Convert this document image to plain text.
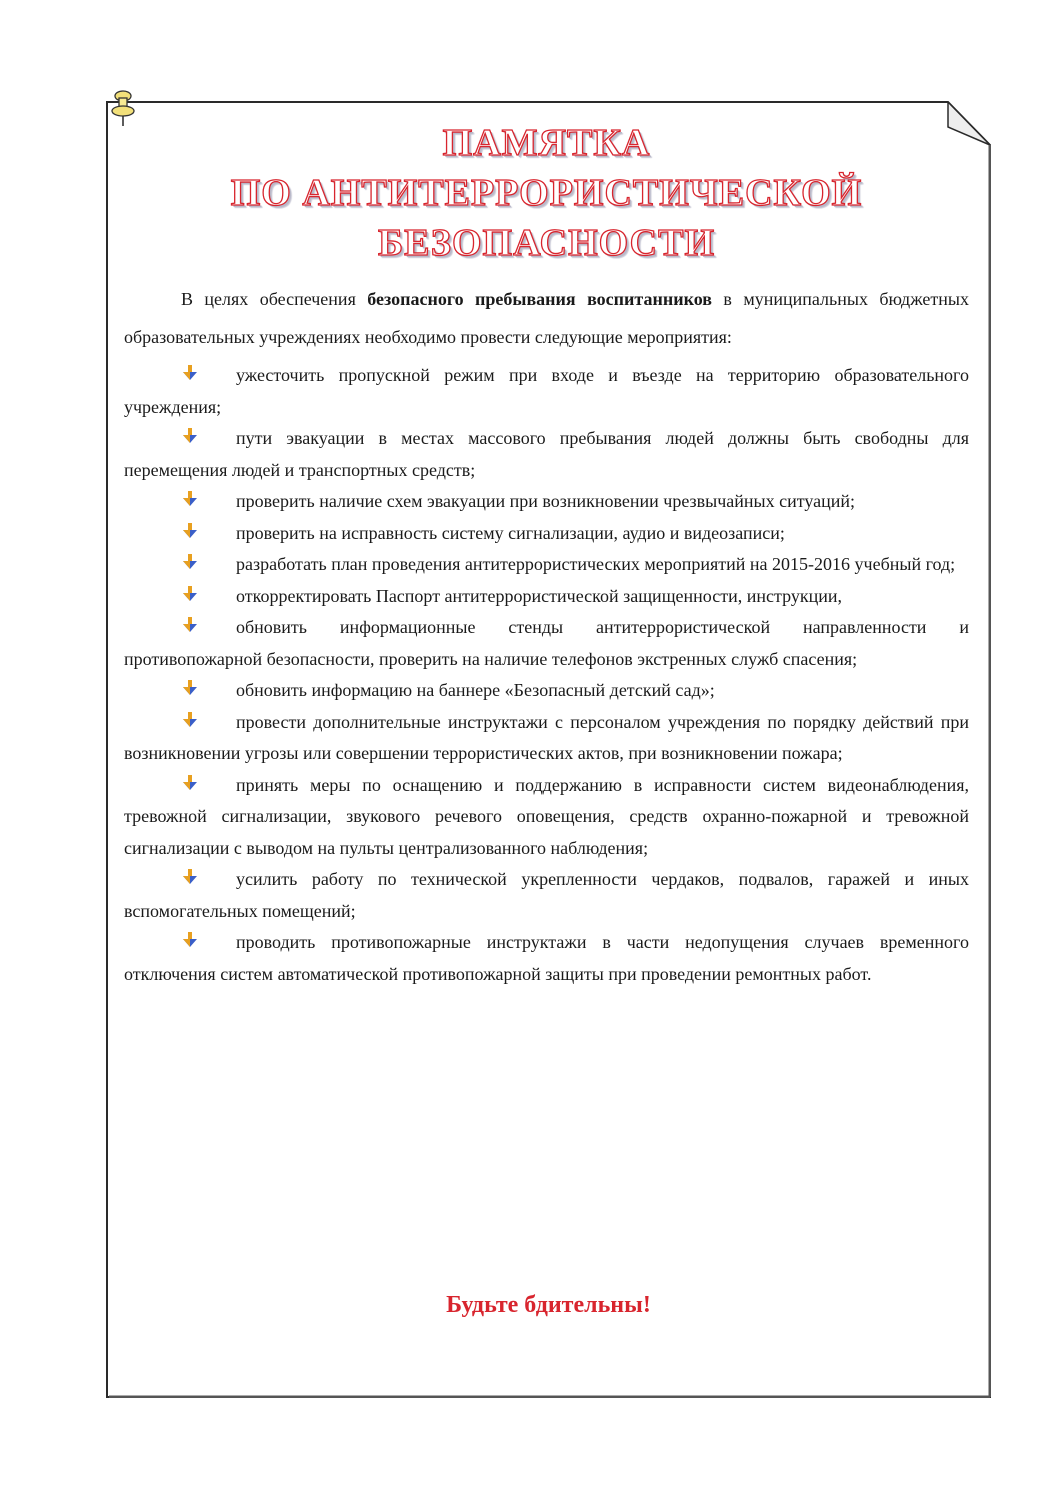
ПАМЯТКА
ПО АНТИТЕРРОРИСТИЧЕСКОЙ
БЕЗОПАСНОСТИ

В целях обеспечения безопасного пребывания воспитанников в муниципальных бюджетных образовательных учреждениях необходимо провести следующие мероприятия:

ужесточить пропускной режим при входе и въезде на территорию образовательного учреждения;
пути эвакуации в местах массового пребывания людей должны быть свободны для перемещения людей и транспортных средств;
проверить наличие схем эвакуации при возникновении чрезвычайных ситуаций;
проверить на исправность систему сигнализации, аудио и видеозаписи;
разработать план проведения антитеррористических мероприятий на 2015-2016 учебный год;
откорректировать Паспорт антитеррористической защищенности, инструкции,
обновить информационные стенды антитеррористической направленности и противопожарной безопасности, проверить на наличие телефонов экстренных служб спасения;
обновить информацию на баннере «Безопасный детский сад»;
провести дополнительные инструктажи с персоналом учреждения по порядку действий при возникновении угрозы или совершении террористических актов, при возникновении пожара;
принять меры по оснащению и поддержанию в исправности систем видеонаблюдения, тревожной сигнализации, звукового речевого оповещения, средств охранно-пожарной и тревожной сигнализации с выводом на пульты централизованного наблюдения;
усилить работу по технической укрепленности чердаков, подвалов, гаражей и иных вспомогательных помещений;
проводить противопожарные инструктажи в части недопущения случаев временного отключения систем автоматической противопожарной защиты при проведении ремонтных работ.
Будьте бдительны!
